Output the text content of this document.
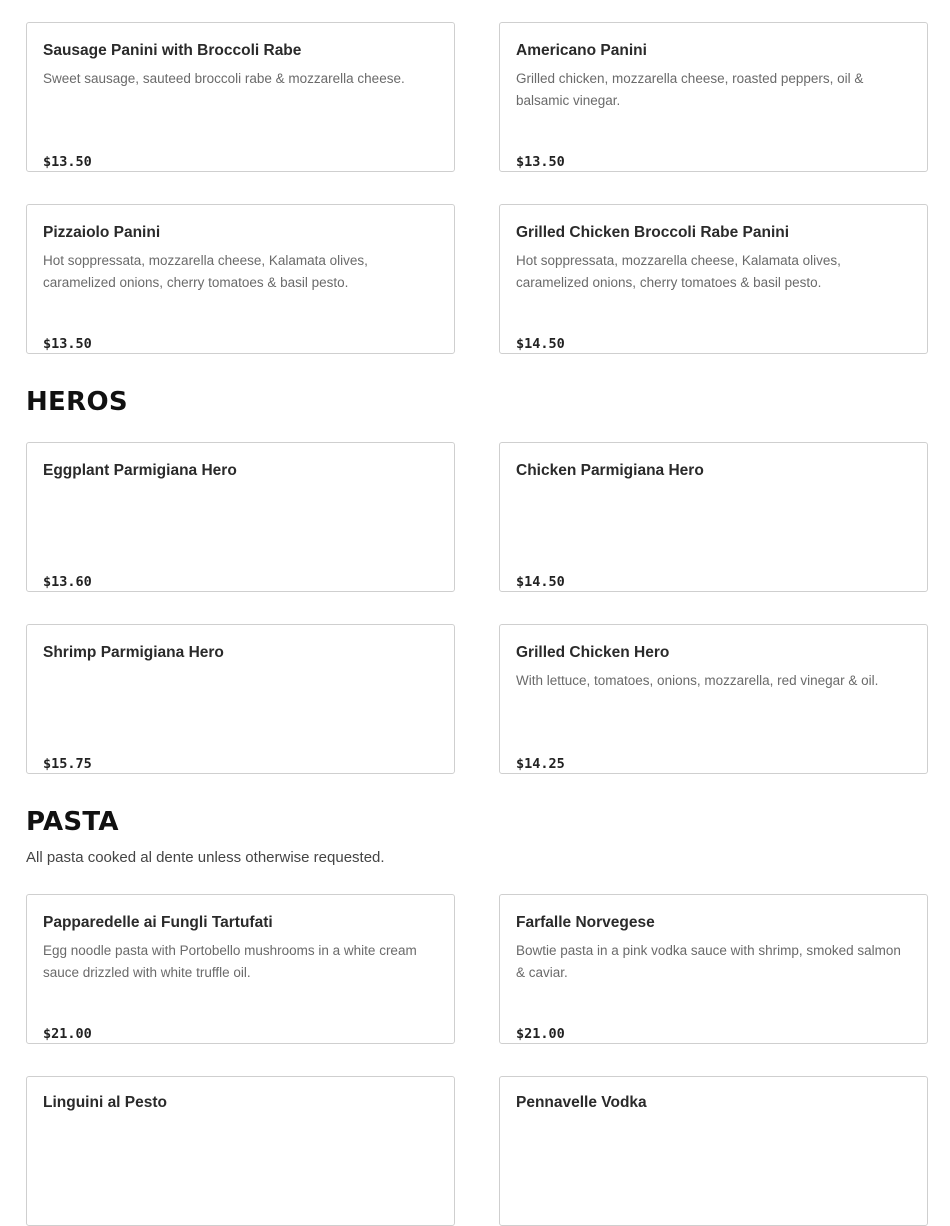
Sausage Panini with Broccoli Rabe
Sweet sausage, sauteed broccoli rabe & mozzarella cheese.
$13.50
Americano Panini
Grilled chicken, mozzarella cheese, roasted peppers, oil & balsamic vinegar.
$13.50
Pizzaiolo Panini
Hot soppressata, mozzarella cheese, Kalamata olives, caramelized onions, cherry tomatoes & basil pesto.
$13.50
Grilled Chicken Broccoli Rabe Panini
Hot soppressata, mozzarella cheese, Kalamata olives, caramelized onions, cherry tomatoes & basil pesto.
$14.50
HEROS
Eggplant Parmigiana Hero
$13.60
Chicken Parmigiana Hero
$14.50
Shrimp Parmigiana Hero
$15.75
Grilled Chicken Hero
With lettuce, tomatoes, onions, mozzarella, red vinegar & oil.
$14.25
PASTA
All pasta cooked al dente unless otherwise requested.
Papparedelle ai Fungli Tartufati
Egg noodle pasta with Portobello mushrooms in a white cream sauce drizzled with white truffle oil.
$21.00
Farfalle Norvegese
Bowtie pasta in a pink vodka sauce with shrimp, smoked salmon & caviar.
$21.00
Linguini al Pesto	Pennavelle Vodka
